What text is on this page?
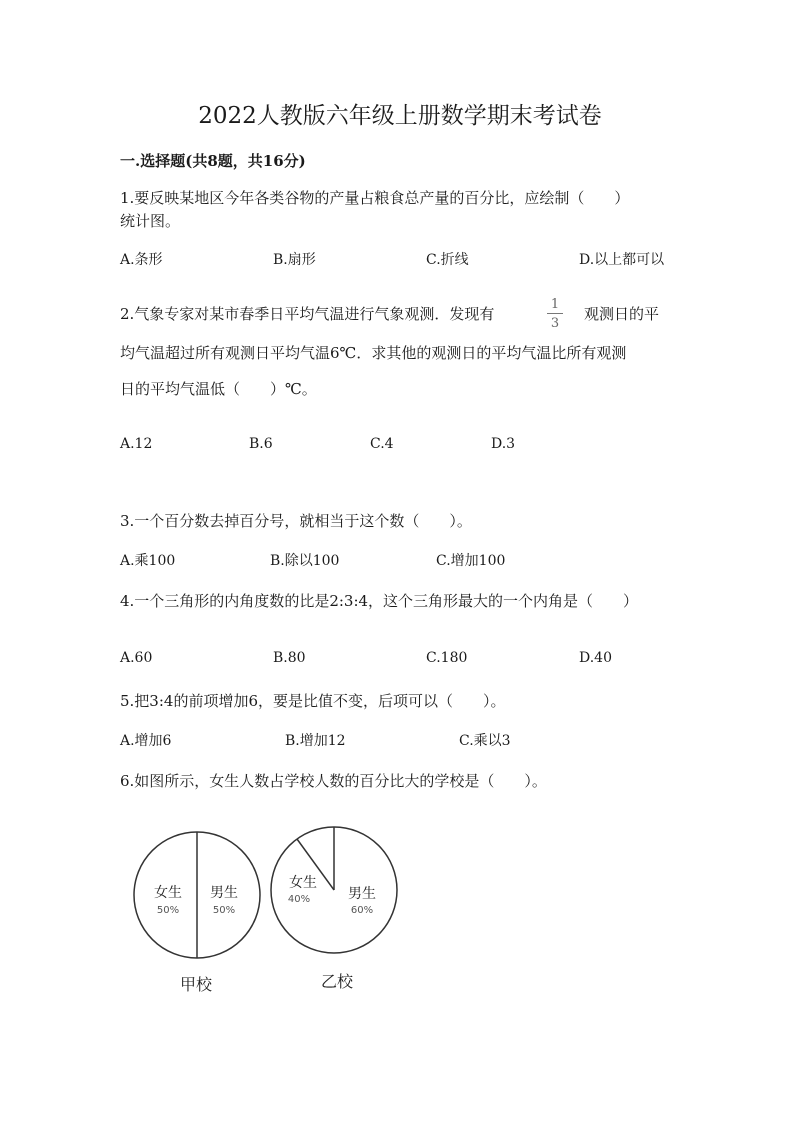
2022人教版六年级上册数学期末考试卷
一.选择题(共8题，共16分)
1.要反映某地区今年各类谷物的产量占粮食总产量的百分比，应绘制（　　）
统计图。
A.条形	B.扇形	C.折线	D.以上都可以
2.气象专家对某市春季日平均气温进行气象观测．发现有
1
3
观测日的平
均气温超过所有观测日平均气温6℃．求其他的观测日的平均气温比所有观测
日的平均气温低（　　）℃。
A.12	B.6	C.4	D.3
3.一个百分数去掉百分号，就相当于这个数（　　）。
A.乘100	B.除以100	C.增加100
4.一个三角形的内角度数的比是2:3:4，这个三角形最大的一个内角是（　　）
A.60	B.80	C.180	D.40
5.把3:4的前项增加6，要是比值不变，后项可以（　　）。
A.增加6	B.增加12	C.乘以3
6.如图所示，女生人数占学校人数的百分比大的学校是（　　）。
女生
50%
男生
50%
甲校
女生
40%	男生
60%
乙校
